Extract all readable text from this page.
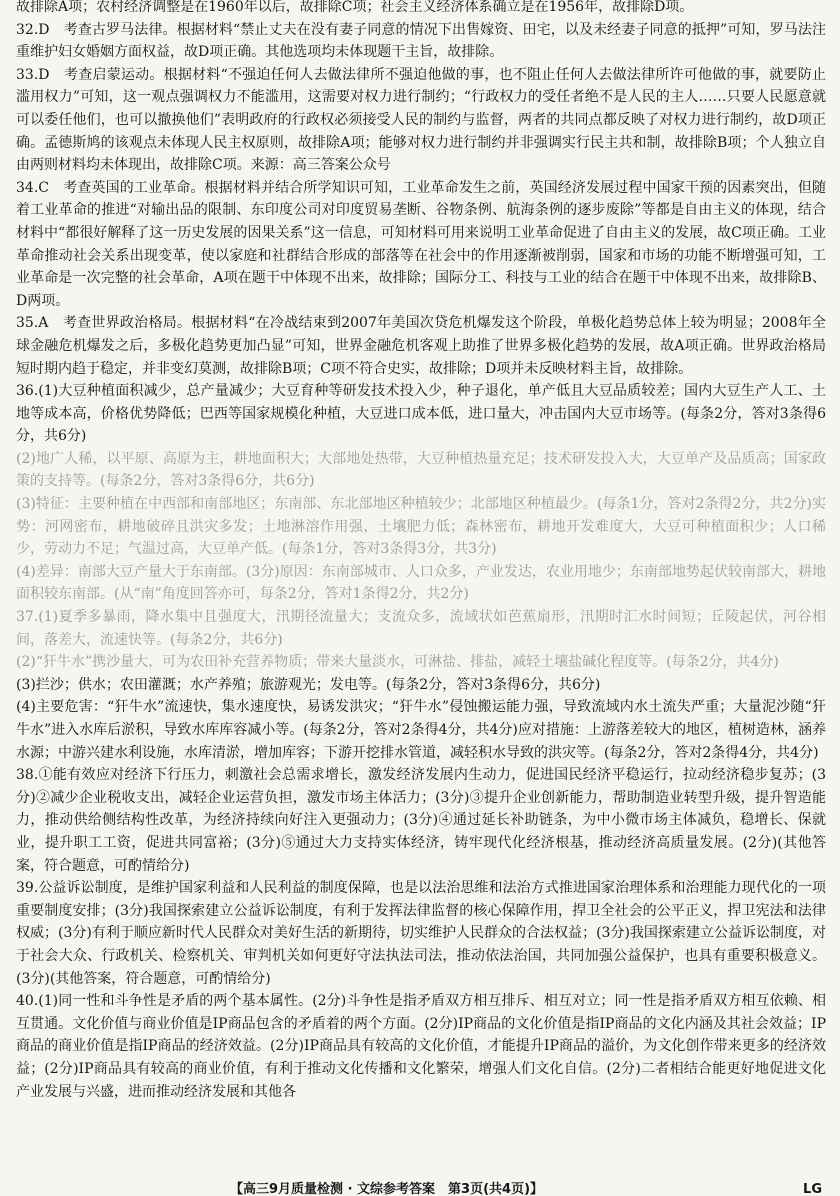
故排除A项；农村经济调整是在1960年以后，故排除C项；社会主义经济体系确立是在1956年，故排除D项。

32.D　考查古罗马法律。根据材料“禁止丈夫在没有妻子同意的情况下出售嫁资、田宅，以及未经妻子同意的抵押”可知，罗马法注重维护妇女婚姻方面权益，故D项正确。其他选项均未体现题干主旨，故排除。

33.D　考查启蒙运动。根据材料“不强迫任何人去做法律所不强迫他做的事，也不阻止任何人去做法律所许可他做的事，就要防止滥用权力”可知，这一观点强调权力不能滥用，这需要对权力进行制约；“行政权力的受任者绝不是人民的主人……只要人民愿意就可以委任他们，也可以撤换他们”表明政府的行政权必须接受人民的制约与监督，两者的共同点都反映了对权力进行制约，故D项正确。孟德斯鸠的该观点未体现人民主权原则，故排除A项；能够对权力进行制约并非强调实行民主共和制，故排除B项；个人独立自由两则材料均未体现出，故排除C项。来源：高三答案公众号

34.C　考查英国的工业革命。根据材料并结合所学知识可知，工业革命发生之前，英国经济发展过程中国家干预的因素突出，但随着工业革命的推进“对输出品的限制、东印度公司对印度贸易垄断、谷物条例、航海条例的逐步废除”等都是自由主义的体现，结合材料中“都很好解释了这一历史发展的因果关系”这一信息，可知材料可用来说明工业革命促进了自由主义的发展，故C项正确。工业革命推动社会关系出现变革，使以家庭和社群结合形成的部落等在社会中的作用逐渐被削弱，国家和市场的功能不断增强可知，工业革命是一次完整的社会革命，A项在题干中体现不出来，故排除；国际分工、科技与工业的结合在题干中体现不出来，故排除B、D两项。

35.A　考查世界政治格局。根据材料“在冷战结束到2007年美国次贷危机爆发这个阶段，单极化趋势总体上较为明显；2008年全球金融危机爆发之后，多极化趋势更加凸显”可知，世界金融危机客观上助推了世界多极化趋势的发展，故A项正确。世界政治格局短时期内趋于稳定，并非变幻莫测，故排除B项；C项不符合史实，故排除；D项并未反映材料主旨，故排除。

36.(1)大豆种植面积减少，总产量减少；大豆育种等研发技术投入少，种子退化，单产低且大豆品质较差；国内大豆生产人工、土地等成本高，价格优势降低；巴西等国家规模化种植，大豆进口成本低，进口量大，冲击国内大豆市场等。(每条2分，答对3条得6分，共6分)

(2)地广人稀，以平原、高原为主，耕地面积大；大部地处热带，大豆种植热量充足；技术研发投入大，大豆单产及品质高；国家政策的支持等。(每条2分，答对3条得6分，共6分)

(3)特征：主要种植在中西部和南部地区；东南部、东北部地区种植较少；北部地区种植最少。(每条1分，答对2条得2分，共2分)实势：河网密布，耕地破碎且洪灾多发；土地淋溶作用强，土壤肥力低；森林密布，耕地开发难度大，大豆可种植面积少；人口稀少，劳动力不足；气温过高，大豆单产低。(每条1分，答对3条得3分，共3分)

(4)差异：南部大豆产量大于东南部。(3分)原因：东南部城市、人口众多，产业发达，农业用地少；东南部地势起伏较南部大，耕地面积较东南部。(从“南”角度回答亦可，每条2分，答对1条得2分，共2分)

37.(1)夏季多暴雨，降水集中且强度大，汛期径流量大；支流众多，流域状如芭蕉扇形，汛期时汇水时间短；丘陵起伏，河谷相间，落差大，流速快等。(每条2分，共6分)

(2)“犴牛水”携沙量大，可为农田补充营养物质；带来大量淡水，可淋盐、排盐，减轻土壤盐碱化程度等。(每条2分，共4分)

(3)拦沙；供水；农田灌溉；水产养殖；旅游观光；发电等。(每条2分，答对3条得6分，共6分)

(4)主要危害：“犴牛水”流速快，集水速度快，易诱发洪灾；“犴牛水”侵蚀搬运能力强，导致流域内水土流失严重；大量泥沙随“犴牛水”进入水库后淤积，导致水库库容减小等。(每条2分，答对2条得4分，共4分)应对措施：上游落差较大的地区，植树造林，涵养水源；中游兴建水利设施，水库清淤，增加库容；下游开挖排水管道，减轻积水导致的洪灾等。(每条2分，答对2条得4分，共4分)

38.①能有效应对经济下行压力，刺激社会总需求增长，激发经济发展内生动力，促进国民经济平稳运行，拉动经济稳步复苏；(3分)②减少企业税收支出，减轻企业运营负担，激发市场主体活力；(3分)③提升企业创新能力，帮助制造业转型升级，提升智造能力，推动供给侧结构性改革，为经济持续向好注入更强动力；(3分)④通过延长补助链条，为中小微市场主体减负，稳增长、保就业，提升职工工资，促进共同富裕；(3分)⑤通过大力支持实体经济，铸牢现代化经济根基，推动经济高质量发展。(2分)(其他答案，符合题意，可酌情给分)

39.公益诉讼制度，是维护国家利益和人民利益的制度保障，也是以法治思维和法治方式推进国家治理体系和治理能力现代化的一项重要制度安排；(3分)我国探索建立公益诉讼制度，有利于发挥法律监督的核心保障作用，捍卫全社会的公平正义，捍卫宪法和法律权威；(3分)有利于顺应新时代人民群众对美好生活的新期待，切实维护人民群众的合法权益；(3分)我国探索建立公益诉讼制度，对于社会大众、行政机关、检察机关、审判机关如何更好守法执法司法，推动依法治国，共同加强公益保护，也具有重要积极意义。(3分)(其他答案，符合题意，可酌情给分)

40.(1)同一性和斗争性是矛盾的两个基本属性。(2分)斗争性是指矛盾双方相互排斥、相互对立；同一性是指矛盾双方相互依赖、相互贯通。文化价值与商业价值是IP商品包含的矛盾着的两个方面。(2分)IP商品的文化价值是指IP商品的文化内涵及其社会效益；IP商品的商业价值是指IP商品的经济效益。(2分)IP商品具有较高的文化价值，才能提升IP商品的溢价，为文化创作带来更多的经济效益；(2分)IP商品具有较高的商业价值，有利于推动文化传播和文化繁荣，增强人们文化自信。(2分)二者相结合能更好地促进文化产业发展与兴盛，进而推动经济发展和其他各

【高三9月质量检测 · 文综参考答案　第3页(共4页)】	LG
